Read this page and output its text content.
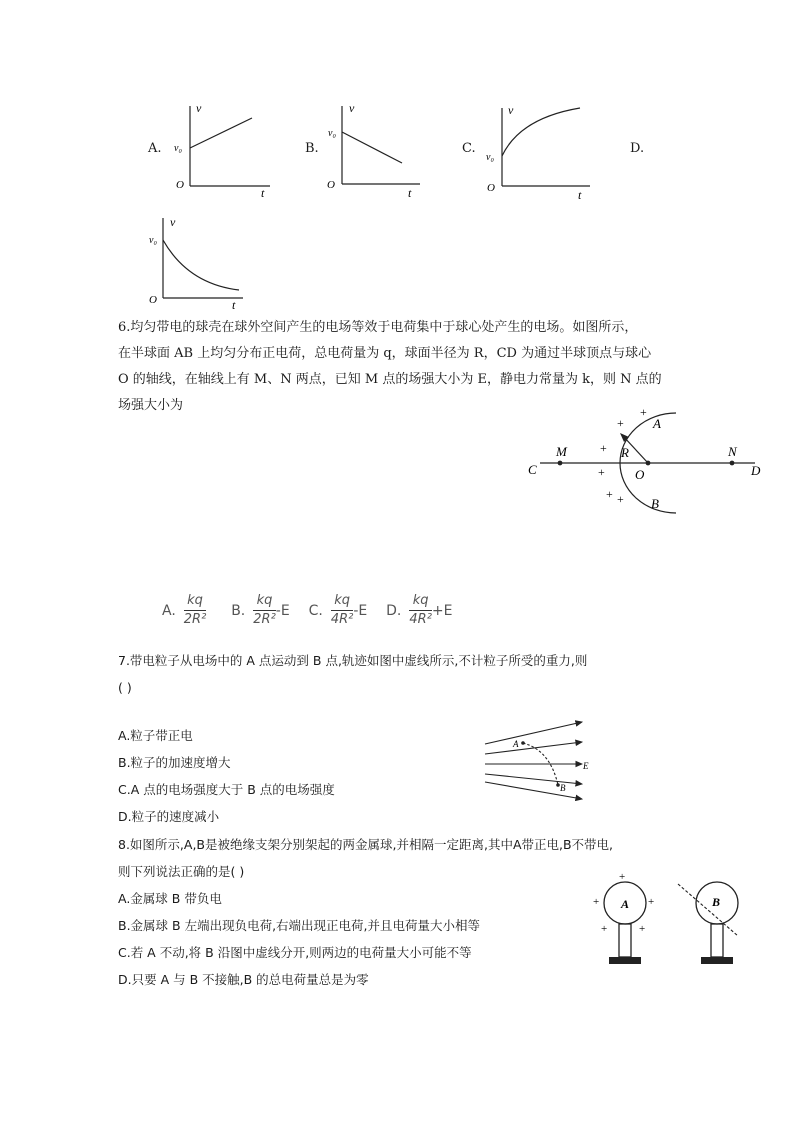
A.
v
t
O
v₀	B.
v
t
O
v₀
C.
v
t
O
v₀
D.
v
t
O
v₀
6.均匀带电的球壳在球外空间产生的电场等效于电荷集中于球心处产生的电场。如图所示，
在半球面 AB 上均匀分布正电荷，总电荷量为 q，球面半径为 R，CD 为通过半球顶点与球心
O 的轴线，在轴线上有 M、N 两点，已知 M 点的场强大小为 E，静电力常量为 k，则 N 点的
场强大小为
C
M	R
O
N
D
A
B
+
+
+
+
+ +
A. $\frac{kq}{\text{2R²}} B$. $\frac{kq}{\text{2R²}} -E$ C. $\frac{kq}{\text{4R²}} -E$ D. $\frac{kq}{\text{4R²}} +E$
7.带电粒子从电场中的 A 点运动到 B 点,轨迹如图中虚线所示,不计粒子所受的重力,则
( )
A.粒子带正电
B.粒子的加速度增大
C.A 点的电场强度大于 B 点的电场强度
D.粒子的速度减小
A
B
E
8.如图所示,A,B是被绝缘支架分别架起的两金属球,并相隔一定距离,其中A带正电,B不带电,
则下列说法正确的是( )
A.金属球 B 带负电
B.金属球 B 左端出现负电荷,右端出现正电荷,并且电荷量大小相等
C.若 A 不动,将 B 沿图中虚线分开,则两边的电荷量大小可能不等
D.只要 A 与 B 不接触,B 的总电荷量总是为零
A
+
+	+
+	+
B
